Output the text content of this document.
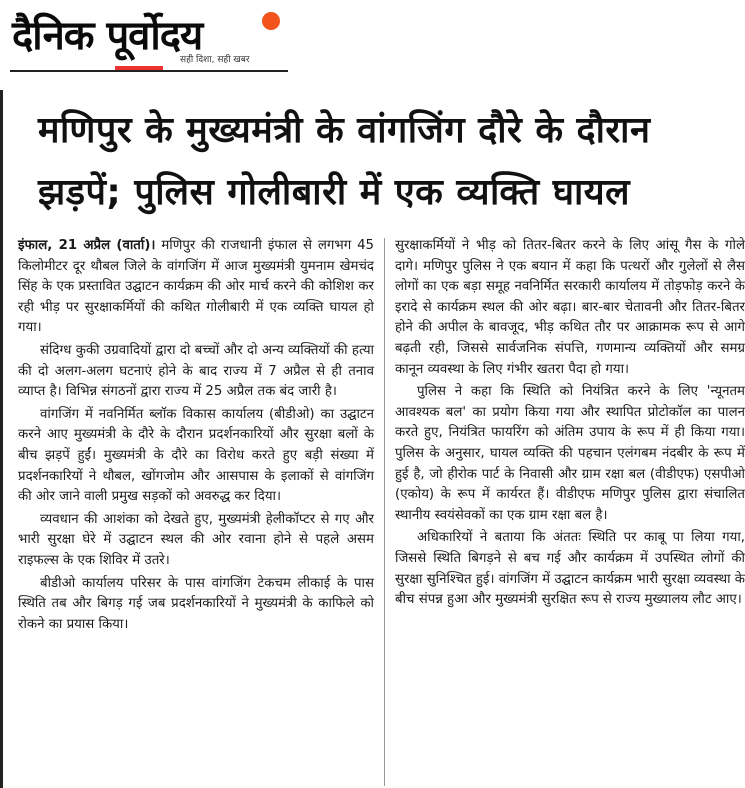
दैनिक पूर्वोदय
सही दिशा, सही खबर
मणिपुर के मुख्यमंत्री के वांगजिंग दौरे के दौरान
झड़पें; पुलिस गोलीबारी में एक व्यक्ति घायल

इंफाल, 21 अप्रैल (वार्ता)। मणिपुर की राजधानी इंफाल से लगभग 45 किलोमीटर दूर थौबल जिले के वांगजिंग में आज मुख्यमंत्री युमनाम खेमचंद सिंह के एक प्रस्तावित उद्घाटन कार्यक्रम की ओर मार्च करने की कोशिश कर रही भीड़ पर सुरक्षाकर्मियों की कथित गोलीबारी में एक व्यक्ति घायल हो गया।

संदिग्ध कुकी उग्रवादियों द्वारा दो बच्चों और दो अन्य व्यक्तियों की हत्या की दो अलग-अलग घटनाएं होने के बाद राज्य में 7 अप्रैल से ही तनाव व्याप्त है। विभिन्न संगठनों द्वारा राज्य में 25 अप्रैल तक बंद जारी है।

वांगजिंग में नवनिर्मित ब्लॉक विकास कार्यालय (बीडीओ) का उद्घाटन करने आए मुख्यमंत्री के दौरे के दौरान प्रदर्शनकारियों और सुरक्षा बलों के बीच झड़पें हुईं। मुख्यमंत्री के दौरे का विरोध करते हुए बड़ी संख्या में प्रदर्शनकारियों ने थौबल, खोंगजोम और आसपास के इलाकों से वांगजिंग की ओर जाने वाली प्रमुख सड़कों को अवरुद्ध कर दिया।

व्यवधान की आशंका को देखते हुए, मुख्यमंत्री हेलीकॉप्टर से गए और भारी सुरक्षा घेरे में उद्घाटन स्थल की ओर रवाना होने से पहले असम राइफल्स के एक शिविर में उतरे।

बीडीओ कार्यालय परिसर के पास वांगजिंग टेकचम लीकाई के पास स्थिति तब और बिगड़ गई जब प्रदर्शनकारियों ने मुख्यमंत्री के काफिले को रोकने का प्रयास किया।

सुरक्षाकर्मियों ने भीड़ को तितर-बितर करने के लिए आंसू गैस के गोले दागे। मणिपुर पुलिस ने एक बयान में कहा कि पत्थरों और गुलेलों से लैस लोगों का एक बड़ा समूह नवनिर्मित सरकारी कार्यालय में तोड़फोड़ करने के इरादे से कार्यक्रम स्थल की ओर बढ़ा। बार-बार चेतावनी और तितर-बितर होने की अपील के बावजूद, भीड़ कथित तौर पर आक्रामक रूप से आगे बढ़ती रही, जिससे सार्वजनिक संपत्ति, गणमान्य व्यक्तियों और समग्र कानून व्यवस्था के लिए गंभीर खतरा पैदा हो गया।

पुलिस ने कहा कि स्थिति को नियंत्रित करने के लिए 'न्यूनतम आवश्यक बल' का प्रयोग किया गया और स्थापित प्रोटोकॉल का पालन करते हुए, नियंत्रित फायरिंग को अंतिम उपाय के रूप में ही किया गया। पुलिस के अनुसार, घायल व्यक्ति की पहचान एलंगबम नंदबीर के रूप में हुई है, जो हीरोक पार्ट के निवासी और ग्राम रक्षा बल (वीडीएफ) एसपीओ (एकोय) के रूप में कार्यरत हैं। वीडीएफ मणिपुर पुलिस द्वारा संचालित स्थानीय स्वयंसेवकों का एक ग्राम रक्षा बल है।

अधिकारियों ने बताया कि अंततः स्थिति पर काबू पा लिया गया, जिससे स्थिति बिगड़ने से बच गई और कार्यक्रम में उपस्थित लोगों की सुरक्षा सुनिश्चित हुई। वांगजिंग में उद्घाटन कार्यक्रम भारी सुरक्षा व्यवस्था के बीच संपन्न हुआ और मुख्यमंत्री सुरक्षित रूप से राज्य मुख्यालय लौट आए।
